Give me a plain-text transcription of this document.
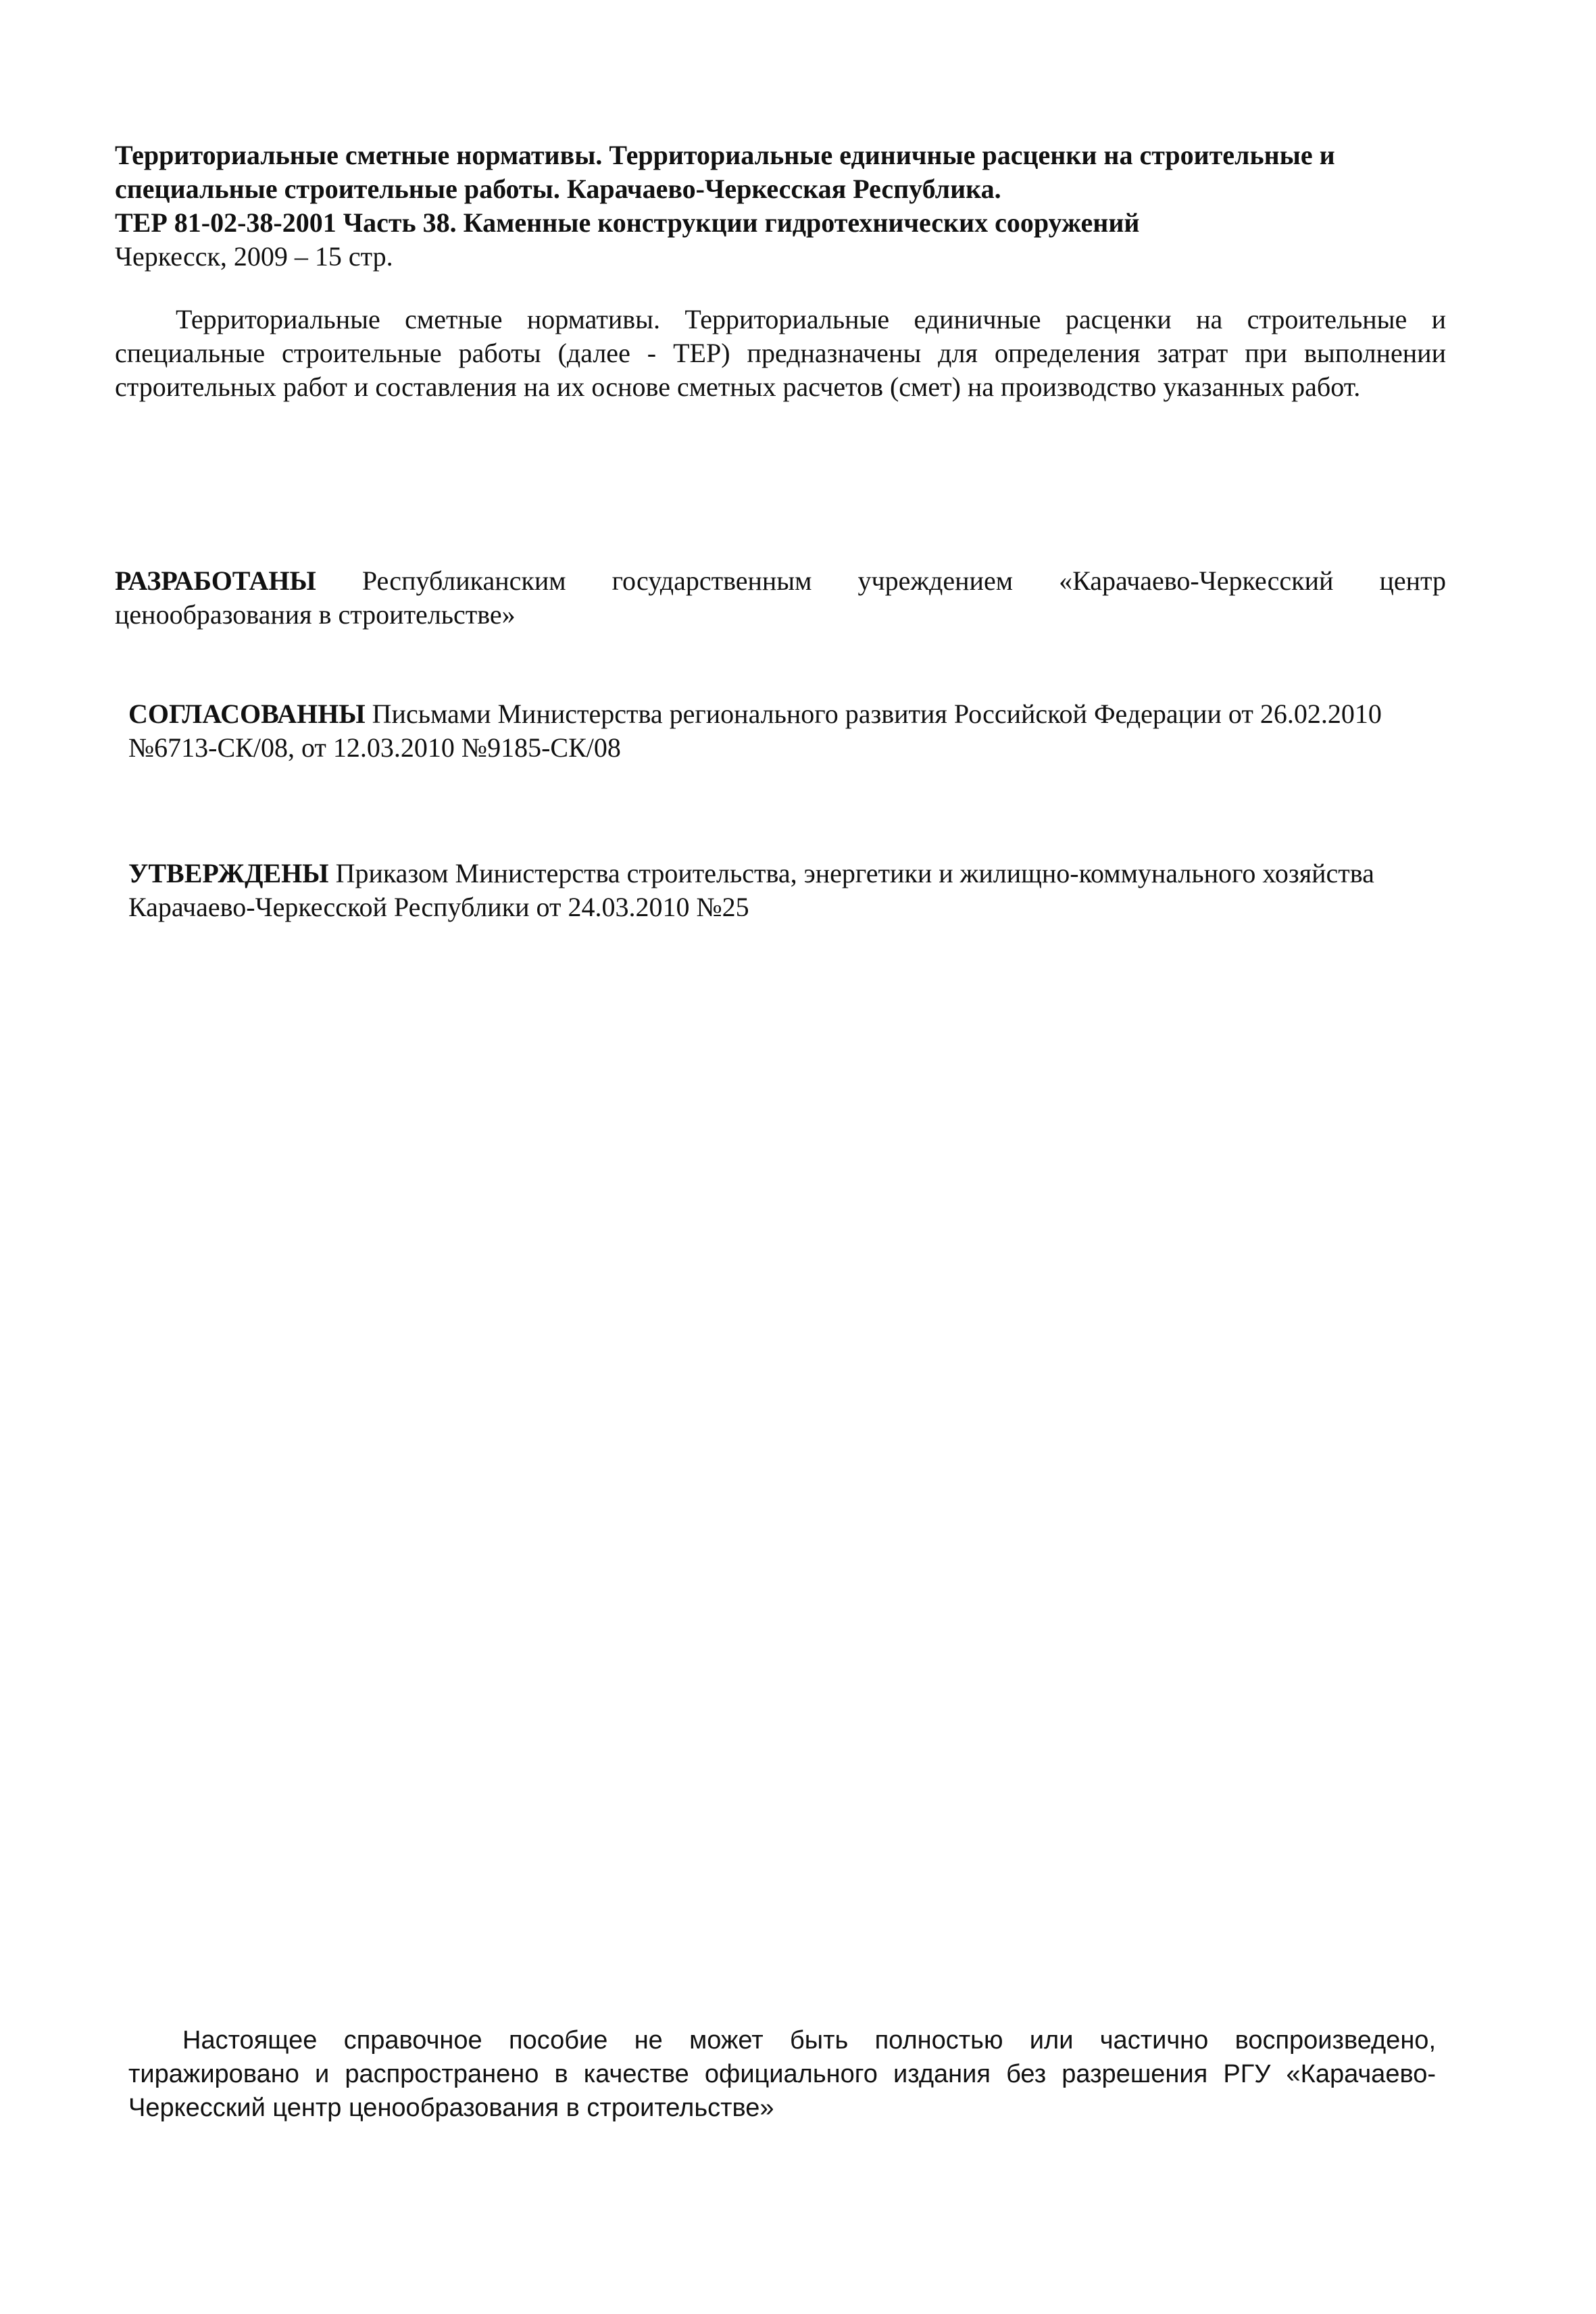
Территориальные сметные нормативы. Территориальные единичные расценки на строительные и
специальные строительные работы. Карачаево-Черкесская Республика.
ТЕР 81-02-38-2001 Часть 38. Каменные конструкции гидротехнических сооружений
Черкесск, 2009 – 15 стр.
Территориальные сметные нормативы. Территориальные единичные расценки на строительные и специальные строительные работы (далее - ТЕР) предназначены для определения затрат при выполнении строительных работ и составления на их основе сметных расчетов (смет) на производство указанных работ.
РАЗРАБОТАНЫ Республиканским государственным учреждением «Карачаево-Черкесский центр ценообразования в строительстве»
СОГЛАСОВАННЫ Письмами Министерства регионального развития Российской Федерации от 26.02.2010 №6713-СК/08, от 12.03.2010 №9185-СК/08
УТВЕРЖДЕНЫ Приказом Министерства строительства, энергетики и жилищно-коммунального хозяйства Карачаево-Черкесской Республики от 24.03.2010 №25
Настоящее справочное пособие не может быть полностью или частично воспроизведено, тиражировано и распространено в качестве официального издания без разрешения РГУ «Карачаево-Черкесский центр ценообразования в строительстве»
